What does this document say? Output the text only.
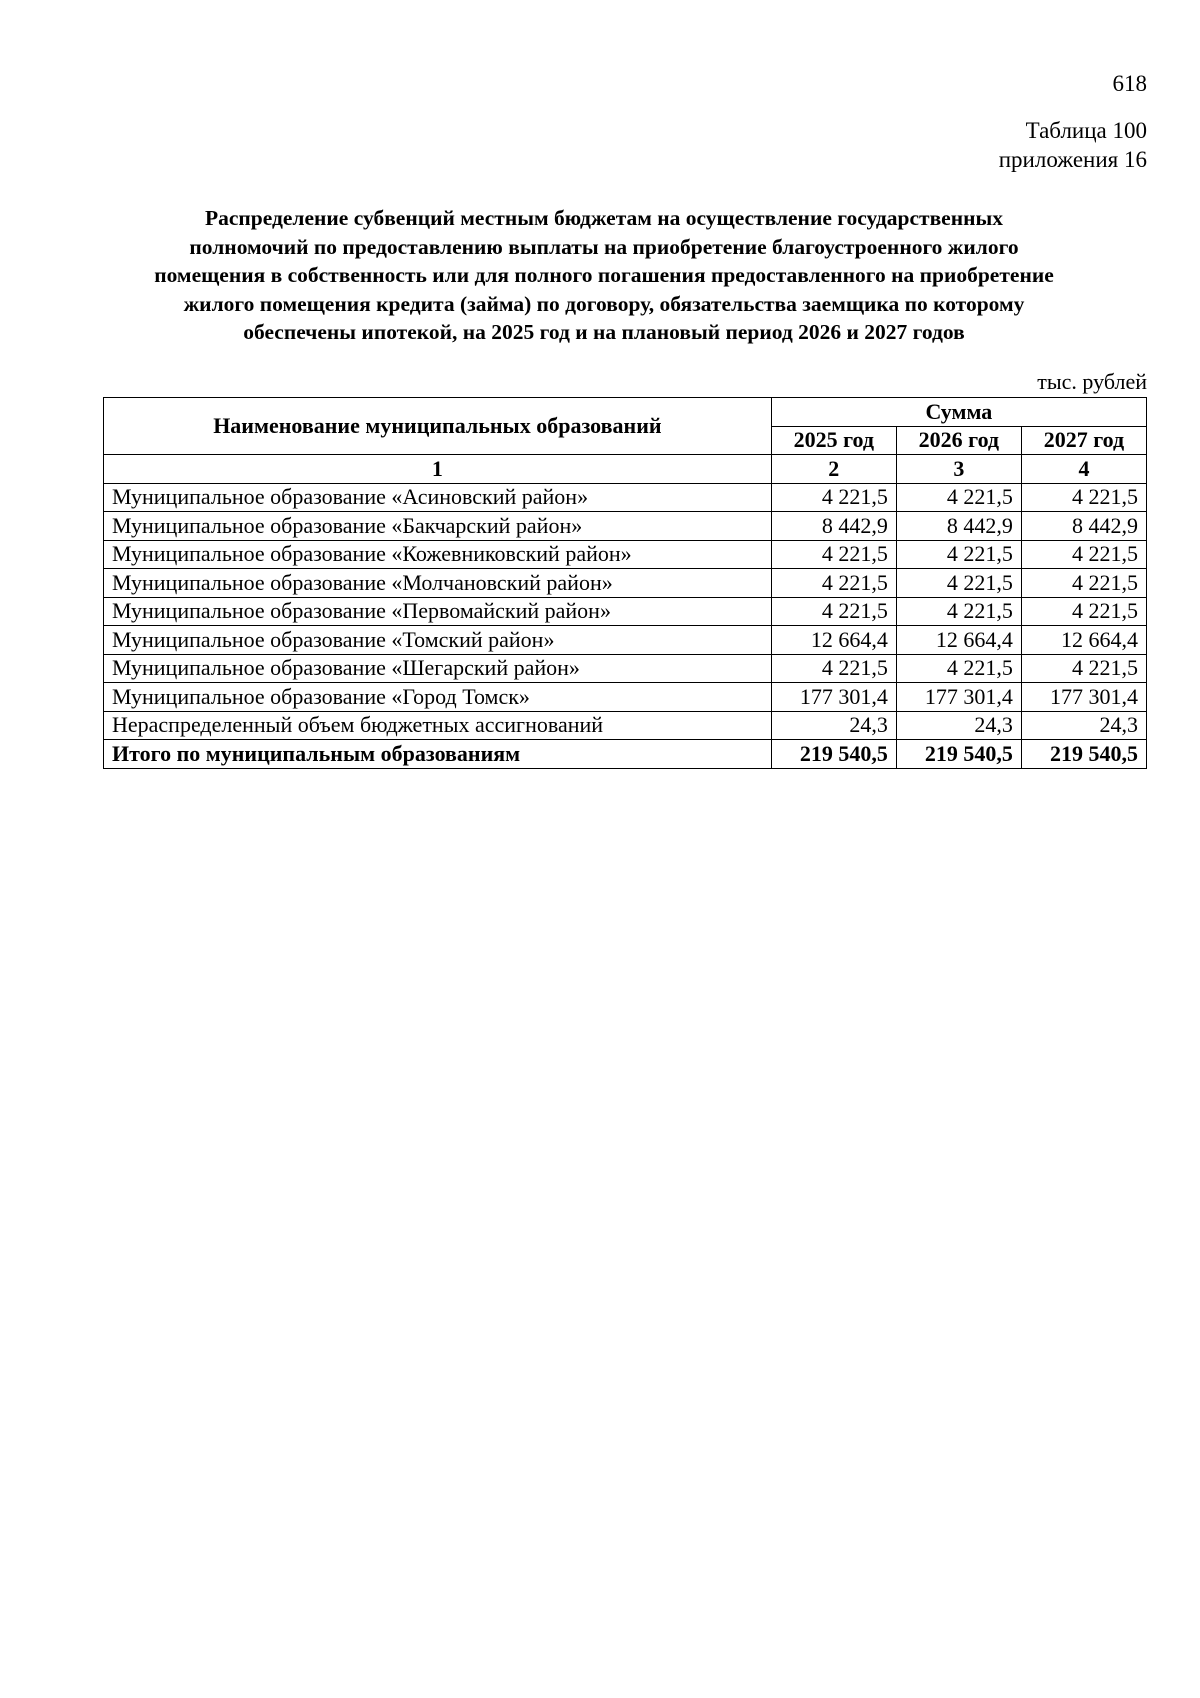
618
Таблица 100
приложения 16
Распределение субвенций местным бюджетам на осуществление государственных
полномочий по предоставлению выплаты на приобретение благоустроенного жилого
помещения в собственность или для полного погашения предоставленного на приобретение
жилого помещения кредита (займа) по договору, обязательства заемщика по которому
обеспечены ипотекой, на 2025 год и на плановый период 2026 и 2027 годов
тыс. рублей
Наименование муниципальных образований	Сумма		
	2025 год	2026 год	2027 год
1	2	3	4
Муниципальное образование «Асиновский район»	4 221,5	4 221,5	4 221,5
Муниципальное образование «Бакчарский район»	8 442,9	8 442,9	8 442,9
Муниципальное образование «Кожевниковский район»	4 221,5	4 221,5	4 221,5
Муниципальное образование «Молчановский район»	4 221,5	4 221,5	4 221,5
Муниципальное образование «Первомайский район»	4 221,5	4 221,5	4 221,5
Муниципальное образование «Томский район»	12 664,4	12 664,4	12 664,4
Муниципальное образование «Шегарский район»	4 221,5	4 221,5	4 221,5
Муниципальное образование «Город Томск»	177 301,4	177 301,4	177 301,4
Нераспределенный объем бюджетных ассигнований	24,3	24,3	24,3
Итого по муниципальным образованиям	219 540,5	219 540,5	219 540,5
